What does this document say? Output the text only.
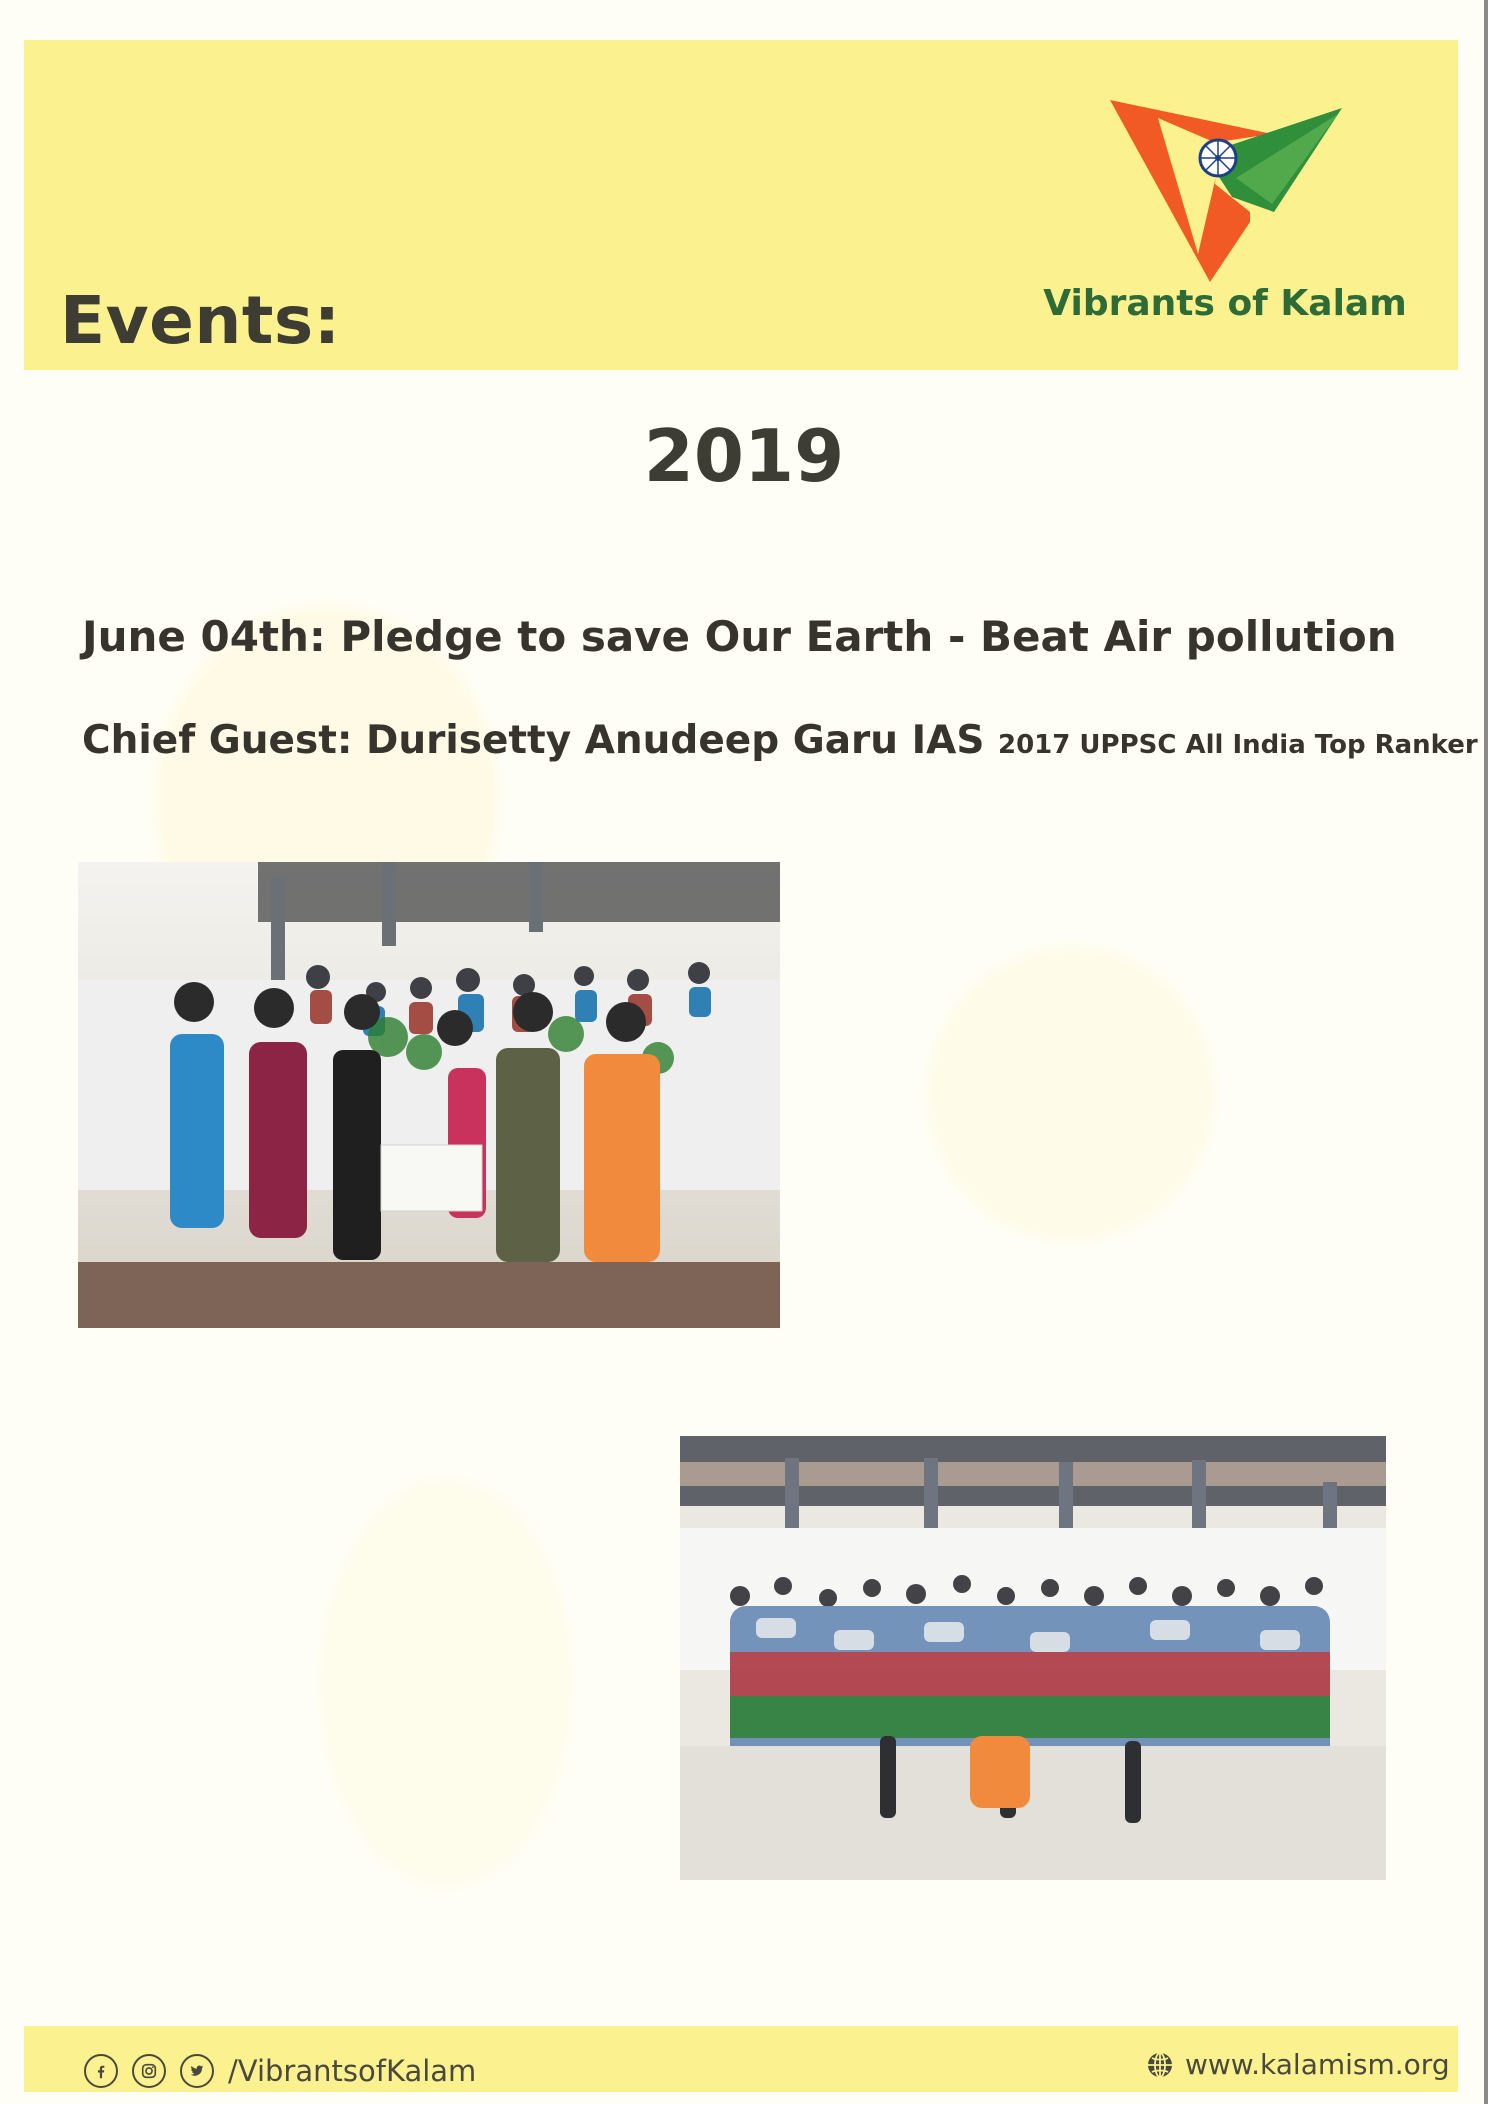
Events:	Vibrants of Kalam
2019
June 04th: Pledge to save Our Earth - Beat Air pollution
Chief Guest: Durisetty Anudeep Garu IAS 2017 UPPSC All India Top Ranker
/VibrantsofKalam	www.kalamism.org
